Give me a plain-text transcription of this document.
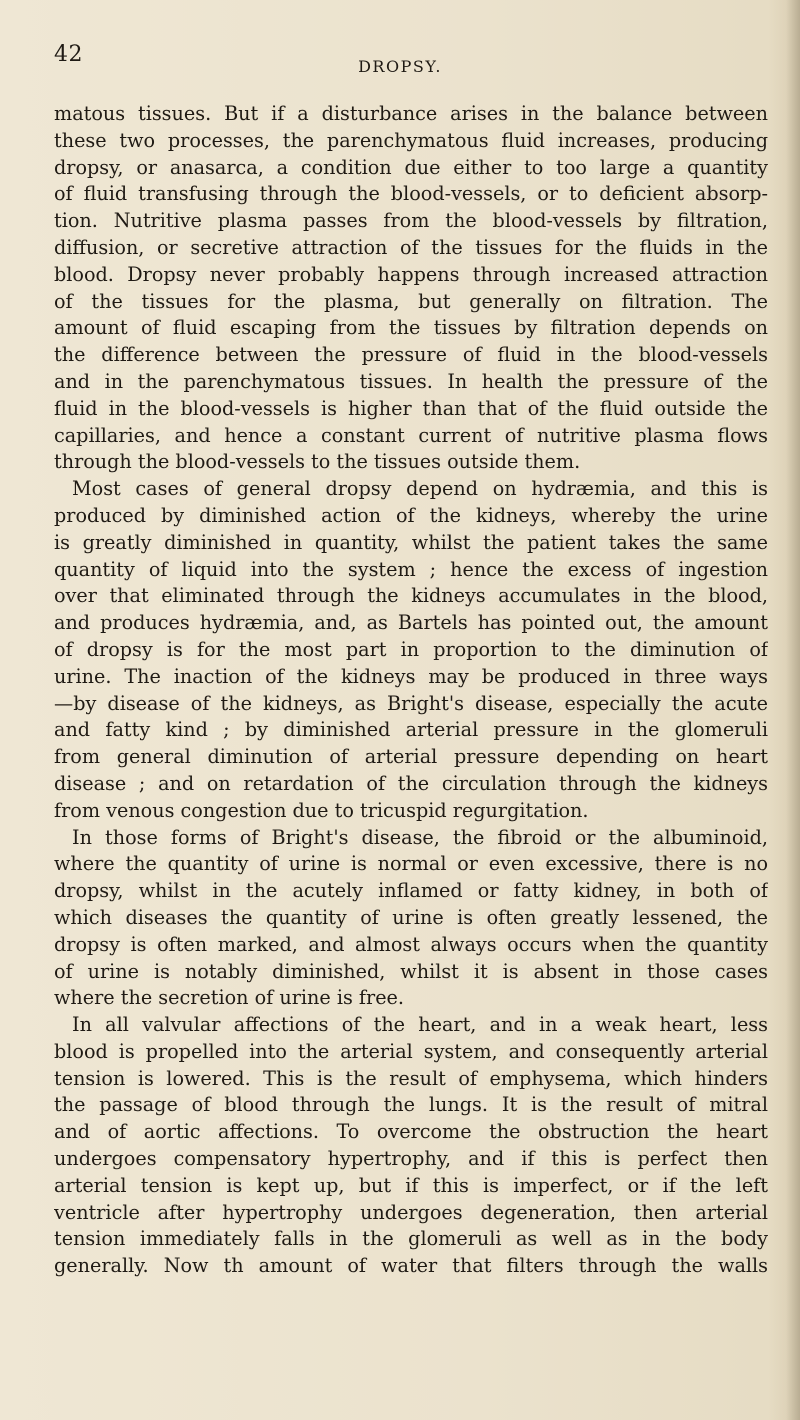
42	DROPSY.
matous tissues. But if a disturbance arises in the balance between
these two processes, the parenchymatous fluid increases, producing
dropsy, or anasarca, a condition due either to too large a quantity
of fluid transfusing through the blood-vessels, or to deficient absorp-
tion. Nutritive plasma passes from the blood-vessels by filtration,
diffusion, or secretive attraction of the tissues for the fluids in the
blood. Dropsy never probably happens through increased attraction
of the tissues for the plasma, but generally on filtration. The
amount of fluid escaping from the tissues by filtration depends on
the difference between the pressure of fluid in the blood-vessels
and in the parenchymatous tissues. In health the pressure of the
fluid in the blood-vessels is higher than that of the fluid outside the
capillaries, and hence a constant current of nutritive plasma flows
through the blood-vessels to the tissues outside them.
Most cases of general dropsy depend on hydræmia, and this is
produced by diminished action of the kidneys, whereby the urine
is greatly diminished in quantity, whilst the patient takes the same
quantity of liquid into the system ; hence the excess of ingestion
over that eliminated through the kidneys accumulates in the blood,
and produces hydræmia, and, as Bartels has pointed out, the amount
of dropsy is for the most part in proportion to the diminution of
urine. The inaction of the kidneys may be produced in three ways
—by disease of the kidneys, as Bright's disease, especially the acute
and fatty kind ; by diminished arterial pressure in the glomeruli
from general diminution of arterial pressure depending on heart
disease ; and on retardation of the circulation through the kidneys
from venous congestion due to tricuspid regurgitation.
In those forms of Bright's disease, the fibroid or the albuminoid,
where the quantity of urine is normal or even excessive, there is no
dropsy, whilst in the acutely inflamed or fatty kidney, in both of
which diseases the quantity of urine is often greatly lessened, the
dropsy is often marked, and almost always occurs when the quantity
of urine is notably diminished, whilst it is absent in those cases
where the secretion of urine is free.
In all valvular affections of the heart, and in a weak heart, less
blood is propelled into the arterial system, and consequently arterial
tension is lowered. This is the result of emphysema, which hinders
the passage of blood through the lungs. It is the result of mitral
and of aortic affections. To overcome the obstruction the heart
undergoes compensatory hypertrophy, and if this is perfect then
arterial tension is kept up, but if this is imperfect, or if the left
ventricle after hypertrophy undergoes degeneration, then arterial
tension immediately falls in the glomeruli as well as in the body
generally. Now th amount of water that filters through the walls
